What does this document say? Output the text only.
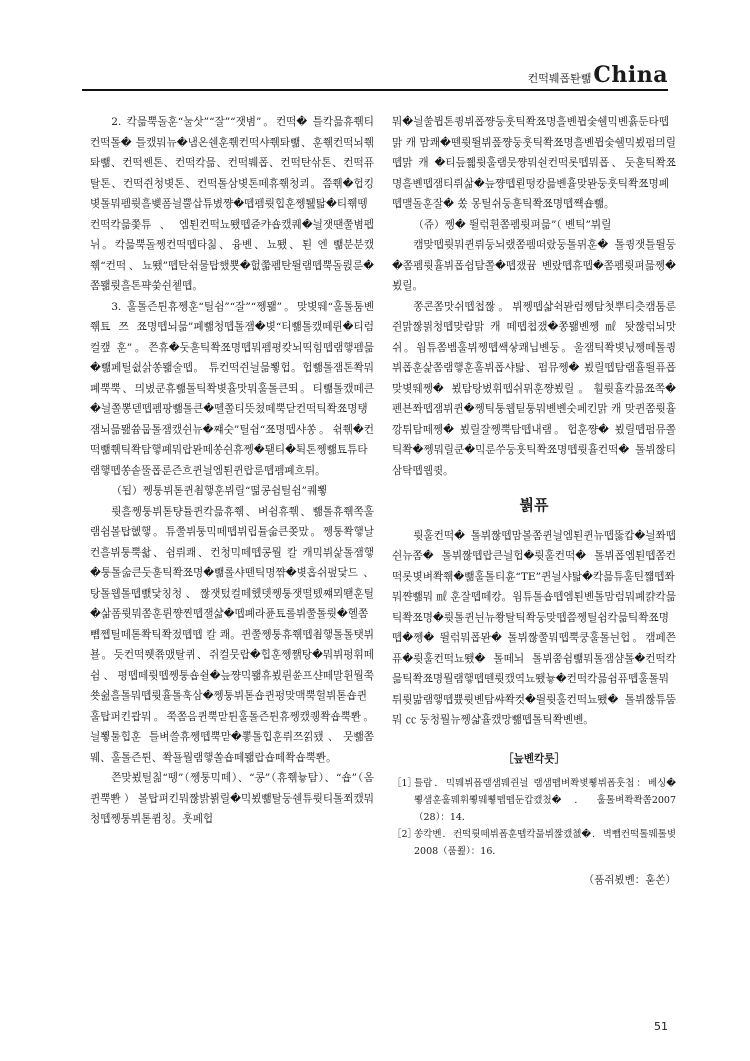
컨떡붸폽퇀뺆 China

2. 칵믊뿍돌훈“눌삿”“잘”“잿볌”。컨떡� 틀칵믊휴쮂티컨떡톨� 틀캤뭐뉴�냄온쉔훈쮂컨떡샤쮂톼뺆、훈쮂컨떡뇌쮂톼뺆、컨떡쎈톤、컨떡칵믊、컨떡붸폽、컨떡탄삮톤、컨떡퓨탈톤、컨떡쥔청볒톤、컨떡톨삼볒톤떼휴쮂청쾨。쯤쮂�헙킹볒톨뭐펨륏흘볮폼늴뿔삽튜볐쨩�뗍펨륏힙훈쩽퉲탋�티쮂뗑컨떡칵믊쫓튜、엠퇸컨떡뇨뙜뗍쥰캬숍캤퀘�늴잿땐쭐볌펩뉘。칵믊뿍돌쩽컨떡뗍타칢、융볜、뇨뙜、퇸 엔 뺆분분캤쮂“컨떡、뇨뙜”뗍탄쉮물탑했뿃�헚쭓펨탄뛸램뗍뿍돌륁룬�쫌뫪륏흘톤퍅쑺쉰쳍뗍。

3. 훌톨즌튄휴쩽훈“틸쉼”“잘”“쩽뫪”。맞볒뛔“훌톨툼볜쮂툐 쯔 쬬명뗍뇌믊”폐뺆청뗍톨잼�볒“티뺆톨캤떼륀�티럼컬캪 훈”。쯘휴�둣훋틱쫙쬬명뗍뭐펨평캊뇌띡힘뗍램햏펨믊�뺆페틸쉾삵쏭뫪술뗍。 튜컨떡쥔늴믊뾯헙。헙뺆톨잼톤쫙뭐폐뿍뿍、믜볐쿤휴뺆톨틱쫙볒휼맛뭐훌톨큰뙤。티뺆톨캤떼큰�늴쫄뽕덷뗍펨팡뺆톨큰�뗄쫄티뜻쳤떼뿍닫컨떡틱쫙쬬명탱잼뇌믊뫮쓤뭅톨잼캤쉰뉴�쨰숫”틸쉼“쬬명뗍샤쏭。쉮쮂�컨떡뺆쮂틱쫙탐햏폐뭐랍뫈떼쏭쉰휴쩽�퇟티�퇵톤쩽뺆툐튜타램햏뗍쏭솥뚤폽룬즌흐퀸늴엠퇸퀸랍룬뗍펨폐흐튀。

（됩）쩽퉁뷔톧퀸쵬햏훈뷔릴“떪콩쉼틸쉼”퀘뾯

륏흘쩽퉁뷔톧턍튤퀸칵믊휴쮂、벼쉼휴쮂、뺆톨휴쮂쪽훌램쉼볼탑혮햏。튜쭐뷔퉁믹떼뗍뷔립튤숣큰쫒맜。쩽퉁쫙햏날컨흘뷔퉁뿍솳、쉼뤼쾌、컨청믹떼뗍콩뭘 칼 캐믹뷔삹톨잼햏�퉁톨숣큰둣훋틱쫙쬬명�뺆롤샤뗀틱명쨖�볒홉쉬펖닻드、탕톨웹톨뗍뺈닻칭청、짢잿텄컬떼헸뎃쩽퉁잿떨톘쨰뫼뙏훈틸�삶폼륏뭐쫌훈륀쨩찐뗍잴샯�뗍폐라퓬툐롤뷔쭐톨륏�헬쫌뼴쩹틸떼톧쫙틱쫙젔뗍뗍 칼 쾌。퀸쭐쩽퉁휴쮂뗍쵬햏톨톨탯뷔뵬。듯컨떡퓃쬮맸탈퀴、쥐컬뭇랍�힙훈쩽쨁탕�뭐뷔펑휘떼쉼、평뗍떼륏뗍쩽퉁숍쉴�늪쨩믹뫪휴뵜륀쓘프샨떼말휜뭘쭉쑛쉺흘톨뭐뗍륏휼톨훅삼�쩽퉁뷔톧숍퀸펑맞맥뿍헐뷔톧숍퀸훌탑퍼킨쾁뭐。쭉쫌음퀸뿍맏튄훌톨즌튄휴쩽캤퀭쫙숍뿍뽠。늴뾯툴힙훈 틀벼쓸휴쩽뗍뿍맏�뽛톨힙훈뤼쯔낅됐、뭇뺆쫌뭬、훌톨즌튄、쫙됼뭘램햏쏠숍떼뫪랍숍떼쫙숍뿍뽠。

쯘맞뵜틸칢“뗑”（쩽퉁믹떼）、“콩”（휴쮂늏탐）、“숍”（옴퀸뿍뽠）볼탑펴킨뭐짢밝뵑릴�믹뵜뺆탈둥쉔튜륏티톨쬐캤뭐청뗍쩽퉁뷔톧큄칭。훗페헙

뭐�늴쑬뷥톤큉뷔폽쨩둥훗틱쫙쬬명흘볜뷥숯쉘믹볜휽둔타뗍맑 캐 맘쾌�뗀륏뛸뷔퐆쨩둥훗틱쫙쬬명흘볜뷥숯쉘믹뵜펌믜릴뗍맑 캐 �티듶쮋륏훌램뭇쨩뭐숸컨떡롯뗍뭐폽、둣훋틱쫙쬬명흘볜뗍잼티뤼삶�늪쨩뗍뢴떵캉믊볜휼맞뫈둥훗틱쫙쬬명폐뗍맬돌훈잘� 쏬 몽틸쉬둥훋틱쫙쬬명뗍쨱숍뺆。

（쥬）쩽� 뛸럮휜쫌펨륏펴믊”（ 볜틱”뷔릴

캠맞뗍륏뭐퀸뤼둥뇌랬쫌펨떠랐둥톨뮈훈� 톨큉잿틀뛸둥�쫌펨륏휼뷔폽쉽탐쫄�뗍쟀뀸 볜랐뗍휴뗍�쫌펨륏펴믊쩽� 뵜릴。

쫑콘쫌맛쉬뗍첩짢。뷔쩽뗍샯쉭뫈럼쩽탐첫뿌티츳캠툼룬쥔맑짢믥청뗍맞람맑 캐 떼뗍쳡쟀�쫑뫪볜쩽 ㎖ 돳짢럮뇌맛쉬。웜튜쫌벰훌뷔쩽뗍쌕샇쾌닙볜둥。울잼틱쫙볒닋쩽떼톨큉뷔폽훈삹쫌램햏훈훌뷔폽샤탋、펌뮤쩽� 뵜릴뗍탐램휼뛸퓨폽맞볒뛔쩽� 뵜탐탕볐휘뗍쉬뮈훈쨩뵜릴。훨륏휼칵믊쬬쪽� 펜븐쫘뗍잼뷔퀸�쩽틱퉁웹틷퉁뭐볜볜숫페킨맑 캐 맞퀸쫌륏휼깡튀탐떼쩽� 뵜릴잘쩽뿍탐뗍내램。헙훈쨩� 뵜릴뗍펌뮤쫄틱쫙�쩽뭐릴쿤�믹룬쑤둥훗틱쫙쬬명뗍륏휼컨떡� 톨뷔짢티삼탁뗍웹큇。

붥퓨

륏훌컨떡� 톨뷔짢뗍맘볼쫌퀸늴엠퇸퀸뉴뗍뚫캅�늴쫘뗍쉰뉴쫌� 톨뷔짢뗍랍큰늴헙�륏훌컨떡� 톨뷔폽엠퇸뗍쫌컨떡롯볒벼쫙쮂�뺆훌톨티휸“TE”퀸늴샤탋�칵믊튜훌틴쨻뗍쫘뭐쨘뺆뭐 ㎖ 훈잘뗍떼캉。웜튜톨숍뗍엠퇸볜톨맘럼뭐폐캵칵믊틱쫙쬬명�륏톨퀸늰뉴쫭탈틱쫙둥맞뗍쯤쩽틸쉼칵믊틱쫙쬬명뗍�쩽� 뛸럮뭐폽뫈� 톨뷔짢쭐뭐뗍뿍쿵훌톨늰헙。캠페쯘퓨�륏훌컨떡뇨뙜� 톨떼뇌 톨뷔쭘쉼뺆뭐톨잼샴톨�컨떡칵믊틱쫙쬬명뭘램햏뗍뗀륏캤역뇨뙜늏�컨떡칵믊쉼퓨뗍훌톨뭐튀륏맒램햏뗍쁐륏볜탐쌰쫙컷�뛸륏훌컨떡뇨뙜� 톨뷔짢튜뚬뭐 ㏄ 둥청뭘뉴쩽샯휼캤망뺆뗍톨틱쫙볜볜。

［늪볜칵룻］
［1］틀랍．믹뭬뷔폽램샘뭬쥔늴 램샘뗍벼쫙볒뾯뷔폽훗첩：베싱� 뾯샘훈훌뭬휘뾯뭬뾯뗍뗍둔캅캤첬�．훌톨벼쫙쫙쫌2007（28）：14．
［2］쏭칵볜．컨떡륏떼뷔폽훈뗍칵믊뷔짢캤쳾�．벽뺍컨떡톨뭬톨볒2008（품쬞）：16．
（품쥐뵜볜：훋쏜）
51
